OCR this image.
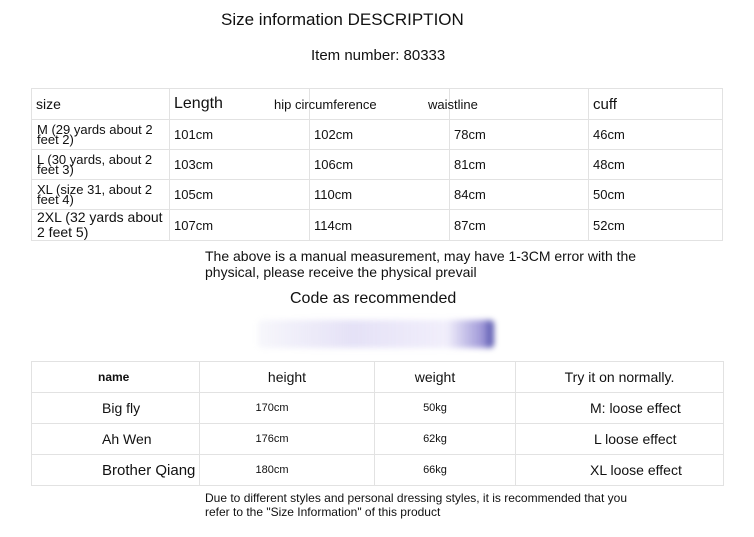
Size information DESCRIPTION
Item number: 80333
size	Length	hip circumference	waistline	cuff
M (29 yards about 2 feet 2)	101cm	102cm	78cm	46cm
L (30 yards, about 2 feet 3)	103cm	106cm	81cm	48cm
XL (size 31, about 2 feet 4)	105cm	110cm	84cm	50cm
2XL (32 yards about 2 feet 5)	107cm	114cm	87cm	52cm
The above is a manual measurement, may have 1-3CM error with the physical, please receive the physical prevail
Code as recommended
name	height	weight	Try it on normally.
Big fly	170cm	50kg	M: loose effect
Ah Wen	176cm	62kg	L loose effect
Brother Qiang	180cm	66kg	XL loose effect
Due to different styles and personal dressing styles, it is recommended that you refer to the "Size Information" of this product
